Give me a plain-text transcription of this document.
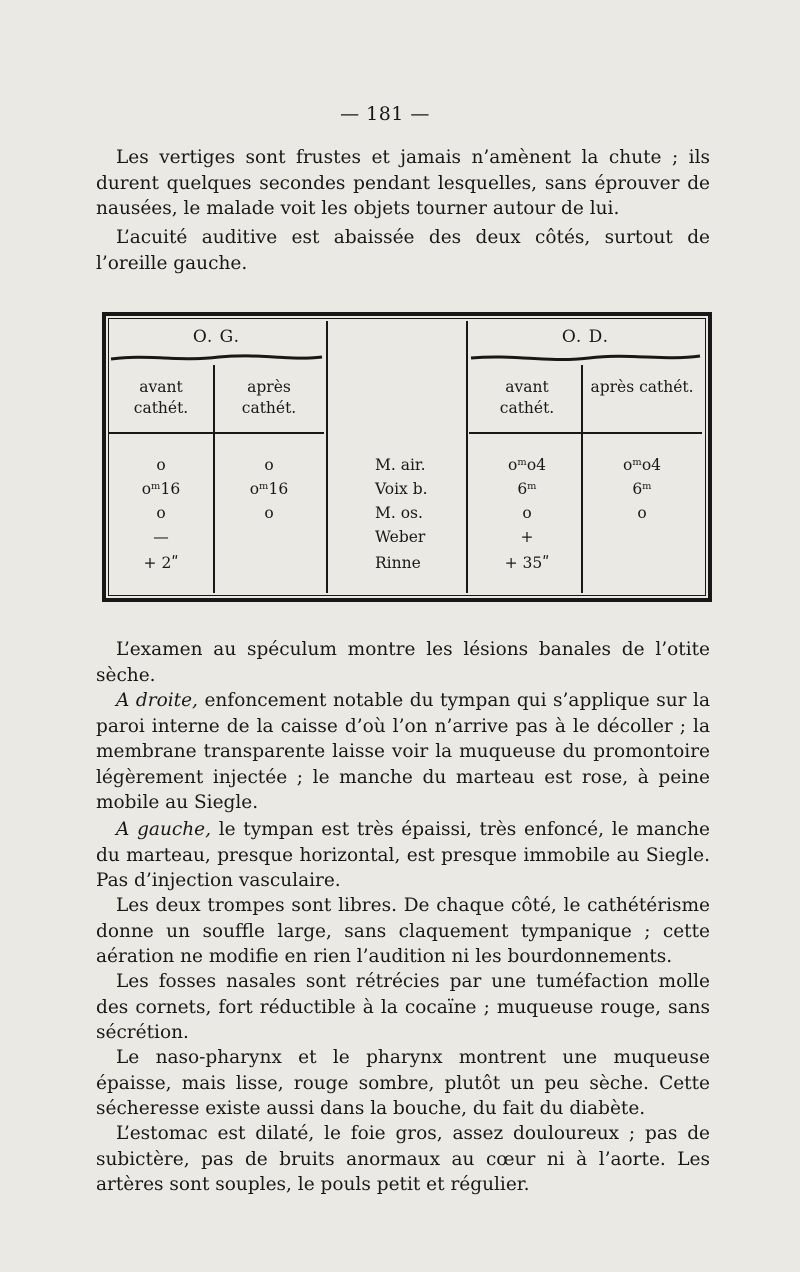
— 181 —

Les vertiges sont frustes et jamais n’amènent la chute ; ils durent quelques secondes pendant lesquelles, sans éprouver de nausées, le malade voit les objets tourner autour de lui.

L’acuité auditive est abaissée des deux côtés, surtout de l’oreille gauche.

O. G.	O. D.
avant cathét.
après cathét.
avant cathét.
après cathét.
o
oᵐ16
o
—
+ 2ʺ
o
oᵐ16
o
M. air.
Voix b.
M. os.
Weber
Rinne
oᵐo4
6ᵐ
o
+
+ 35ʺ
oᵐo4
6ᵐ
o

L’examen au spéculum montre les lésions banales de l’otite sèche.

A droite, enfoncement notable du tympan qui s’applique sur la paroi interne de la caisse d’où l’on n’arrive pas à le décoller ; la membrane transparente laisse voir la muqueuse du promontoire légèrement injectée ; le manche du marteau est rose, à peine mobile au Siegle.

A gauche, le tympan est très épaissi, très enfoncé, le manche du marteau, presque horizontal, est presque immobile au Siegle. Pas d’injection vasculaire.

Les deux trompes sont libres. De chaque côté, le cathétérisme donne un souffle large, sans claquement tympanique ; cette aération ne modifie en rien l’audition ni les bourdonnements.

Les fosses nasales sont rétrécies par une tuméfaction molle des cornets, fort réductible à la cocaïne ; muqueuse rouge, sans sécrétion.

Le naso-pharynx et le pharynx montrent une muqueuse épaisse, mais lisse, rouge sombre, plutôt un peu sèche. Cette sécheresse existe aussi dans la bouche, du fait du diabète.

L’estomac est dilaté, le foie gros, assez douloureux ; pas de subictère, pas de bruits anormaux au cœur ni à l’aorte. Les artères sont souples, le pouls petit et régulier.
